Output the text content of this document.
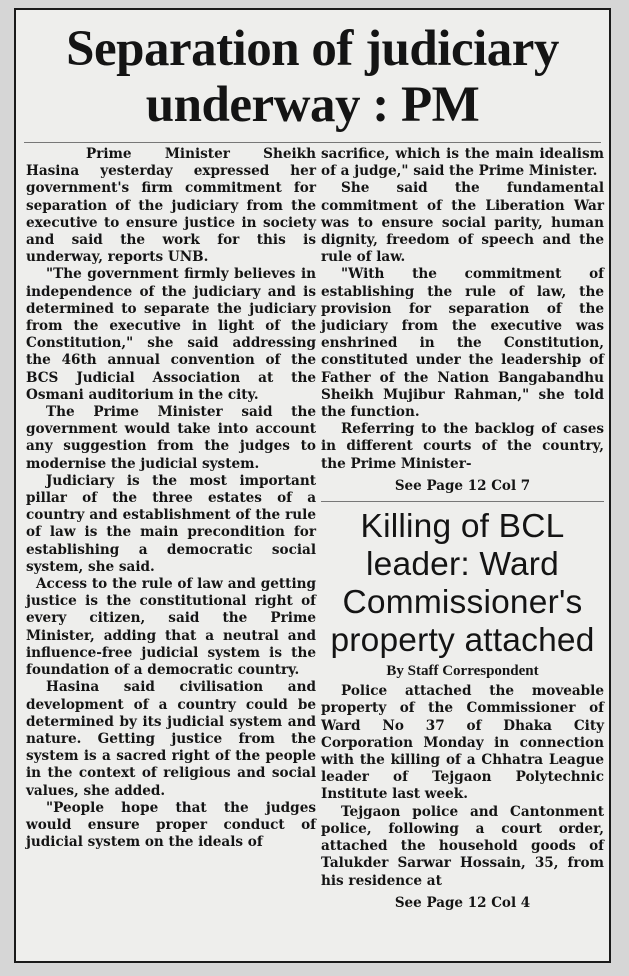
Separation of judiciary
underway : PM

Prime Minister Sheikh Hasina yesterday expressed her government's firm commitment for separation of the judiciary from the executive to ensure justice in society and said the work for this is underway, reports UNB.

"The government firmly believes in independence of the judiciary and is determined to separate the judiciary from the executive in light of the Constitution," she said addressing the 46th annual convention of the BCS Judicial Association at the Osmani auditorium in the city.

The Prime Minister said the government would take into account any suggestion from the judges to modernise the judicial system.

Judiciary is the most important pillar of the three estates of a country and establishment of the rule of law is the main precondition for establishing a democratic social system, she said.

Access to the rule of law and getting justice is the constitutional right of every citizen, said the Prime Minister, adding that a neutral and influence-free judicial system is the foundation of a democratic country.

Hasina said civilisation and development of a country could be determined by its judicial system and nature. Getting justice from the system is a sacred right of the people in the context of religious and social values, she added.

"People hope that the judges would ensure proper conduct of judicial system on the ideals of

sacrifice, which is the main idealism of a judge," said the Prime Minister.

She said the fundamental commitment of the Liberation War was to ensure social parity, human dignity, freedom of speech and the rule of law.

"With the commitment of establishing the rule of law, the provision for separation of the judiciary from the executive was enshrined in the Constitution, constituted under the leadership of Father of the Nation Bangabandhu Sheikh Mujibur Rahman," she told the function.

Referring to the backlog of cases in different courts of the country, the Prime Minister-

See Page 12 Col 7
Killing of BCL
leader: Ward
Commissioner's
property attached
By Staff Correspondent

Police attached the moveable property of the Commissioner of Ward No 37 of Dhaka City Corporation Monday in connection with the killing of a Chhatra League leader of Tejgaon Polytechnic Institute last week.

Tejgaon police and Cantonment police, following a court order, attached the household goods of Talukder Sarwar Hossain, 35, from his residence at

See Page 12 Col 4
